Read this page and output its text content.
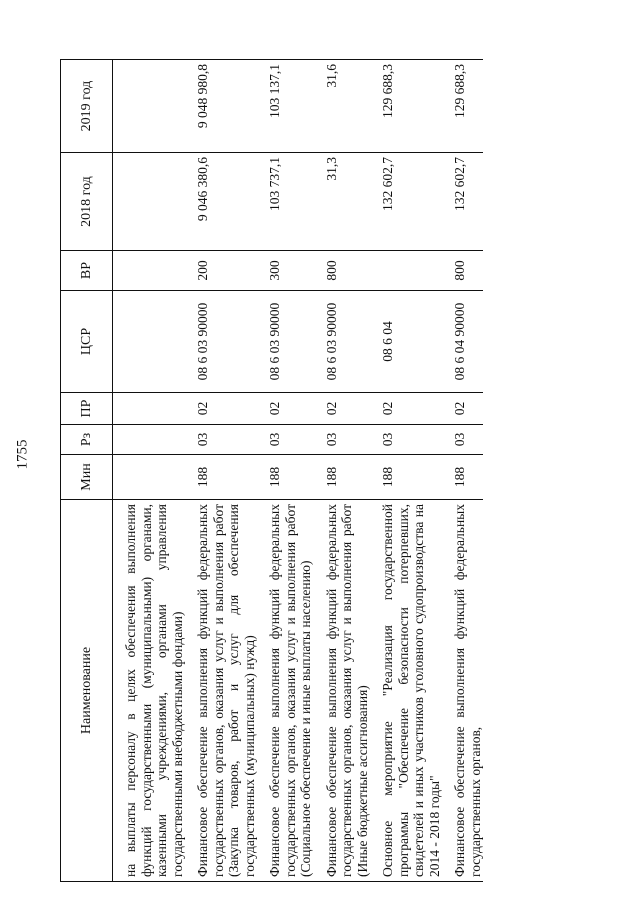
1755
Наименование	Мин	Рз	ПР	ЦСР	ВР	2018 год	2019 год

на выплаты персоналу в целях обеспечения выполнения функций государственными (муниципальными) органами, казенными учреждениями, органами управления государственными внебюджетными фондами)							

Финансовое обеспечение выполнения функций федеральных государственных органов, оказания услуг и выполнения работ (Закупка товаров, работ и услуг для обеспечения государственных (муниципальных) нужд)	188	03	02	08 6 03 90000	200	9 046 380,6	9 048 980,8

Финансовое обеспечение выполнения функций федеральных государственных органов, оказания услуг и выполнения работ (Социальное обеспечение и иные выплаты населению)	188	03	02	08 6 03 90000	300	103 737,1	103 137,1

Финансовое обеспечение выполнения функций федеральных государственных органов, оказания услуг и выполнения работ (Иные бюджетные ассигнования)	188	03	02	08 6 03 90000	800	31,3	31,6

Основное мероприятие "Реализация государственной программы "Обеспечение безопасности потерпевших, свидетелей и иных участников уголовного судопроизводства на 2014 - 2018 годы"	188	03	02	08 6 04		132 602,7	129 688,3

Финансовое обеспечение выполнения функций федеральных государственных органов,	188	03	02	08 6 04 90000	800	132 602,7	129 688,3
